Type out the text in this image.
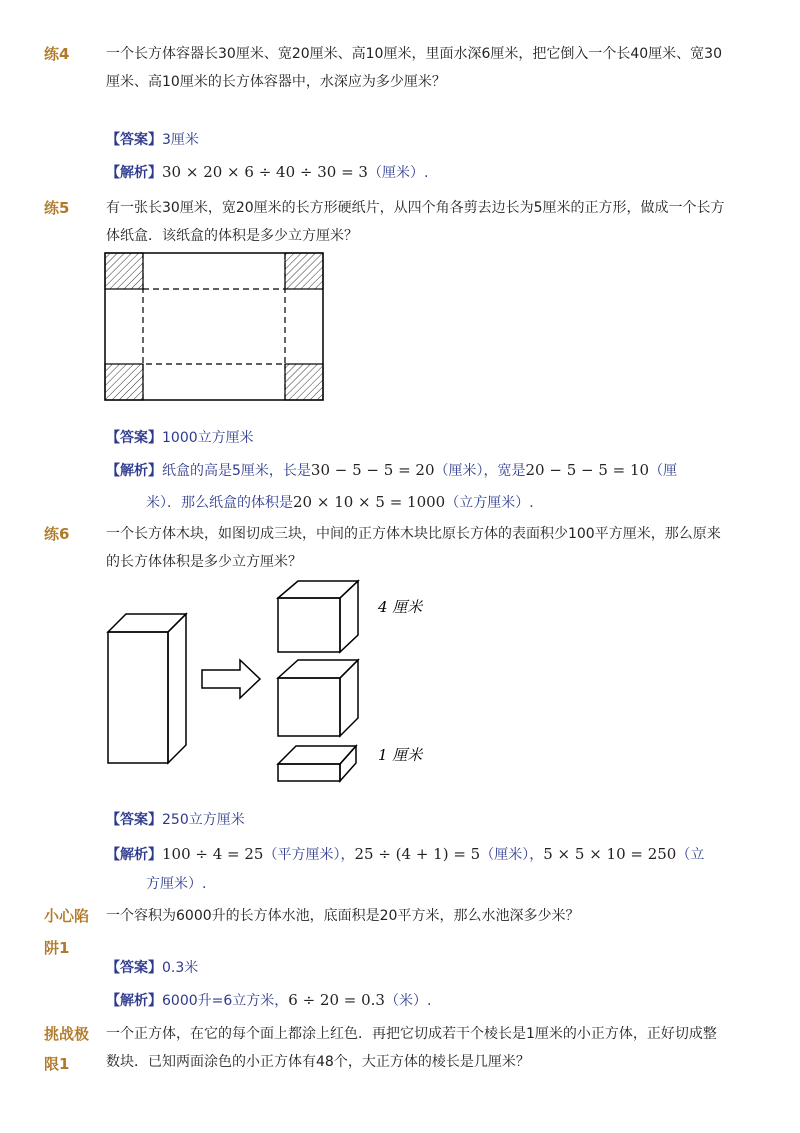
练4	一个长方体容器长30厘米、宽20厘米、高10厘米，里面水深6厘米，把它倒入一个长40厘米、宽30厘米、高10厘米的长方体容器中，水深应为多少厘米？
【答案】3厘米
【解析】30 × 20 × 6 ÷ 40 ÷ 30 = 3（厘米）.
练5	有一张长30厘米，宽20厘米的长方形硬纸片，从四个角各剪去边长为5厘米的正方形，做成一个长方体纸盒．该纸盒的体积是多少立方厘米？
【答案】1000立方厘米
【解析】纸盒的高是5厘米，长是30 − 5 − 5 = 20（厘米），宽是20 − 5 − 5 = 10（厘
米）．那么纸盒的体积是20 × 10 × 5 = 1000（立方厘米）.
练6	一个长方体木块，如图切成三块，中间的正方体木块比原长方体的表面积少100平方厘米，那么原来的长方体体积是多少立方厘米？
4 厘米
1 厘米
【答案】250立方厘米
【解析】100 ÷ 4 = 25（平方厘米），25 ÷ (4 + 1) = 5（厘米），5 × 5 × 10 = 250（立
方厘米）.
小心陷
阱1
一个容积为6000升的长方体水池，底面积是20平方米，那么水池深多少米？
【答案】0.3米
【解析】6000升=6立方米，6 ÷ 20 = 0.3（米）.
挑战极
限1
一个正方体，在它的每个面上都涂上红色．再把它切成若干个棱长是1厘米的小正方体，正好切成整数块．已知两面涂色的小正方体有48个，大正方体的棱长是几厘米？
